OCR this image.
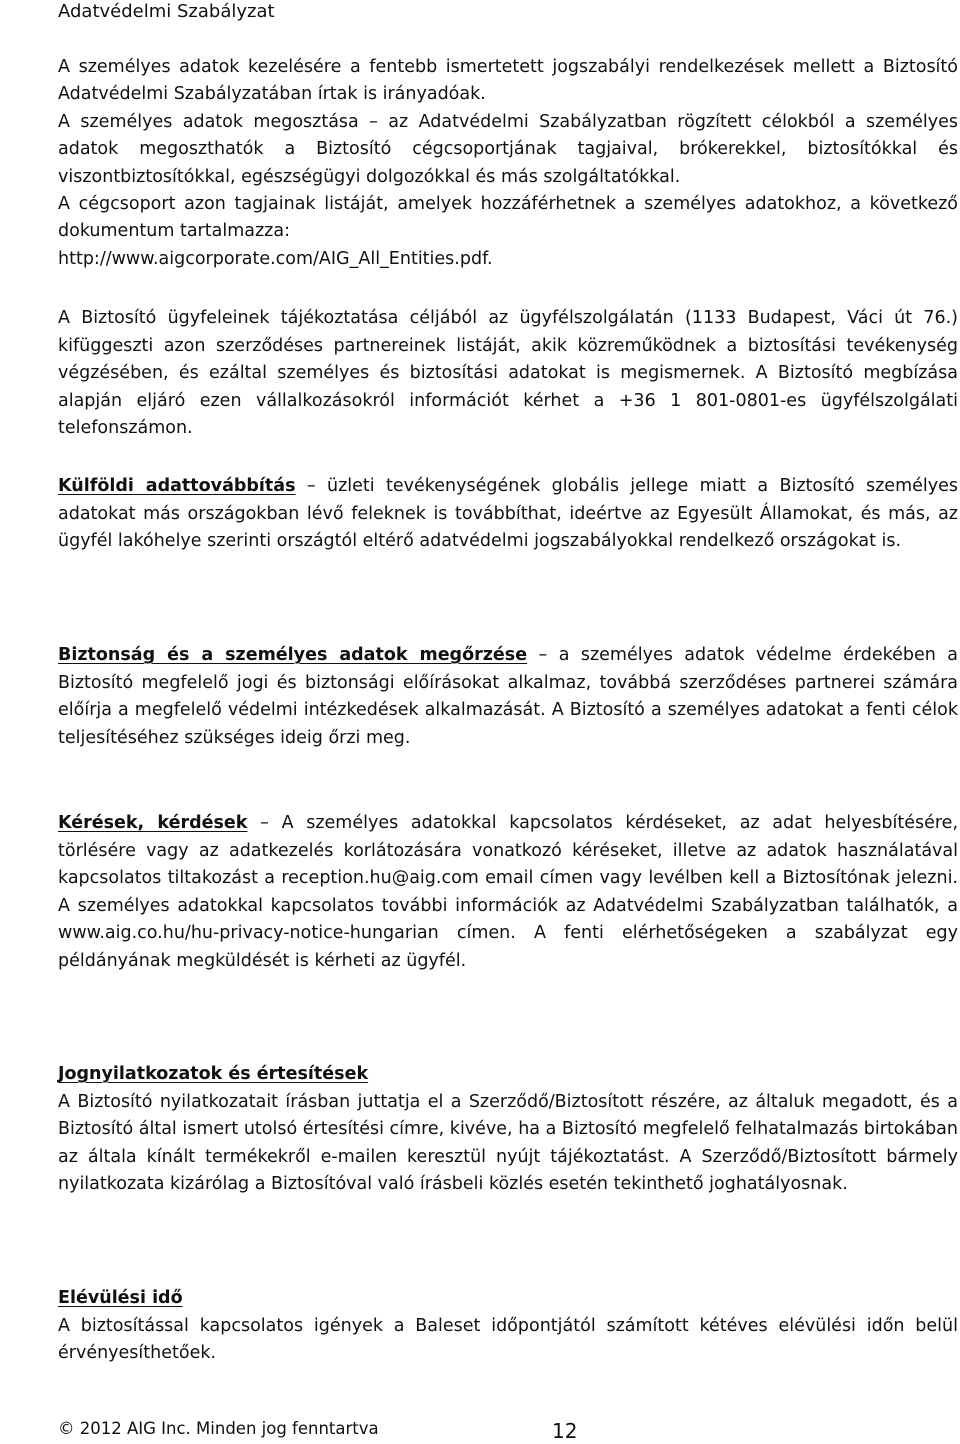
Adatvédelmi Szabályzat

A személyes adatok kezelésére a fentebb ismertetett jogszabályi rendelkezések mellett a Biztosító Adatvédelmi Szabályzatában írtak is irányadóak.

A személyes adatok megosztása – az Adatvédelmi Szabályzatban rögzített célokból a személyes adatok megoszthatók a Biztosító cégcsoportjának tagjaival, brókerekkel, biztosítókkal és viszontbiztosítókkal, egészségügyi dolgozókkal és más szolgáltatókkal.

A cégcsoport azon tagjainak listáját, amelyek hozzáférhetnek a személyes adatokhoz, a következő dokumentum tartalmazza:

http://www.aigcorporate.com/AIG_All_Entities.pdf.

A Biztosító ügyfeleinek tájékoztatása céljából az ügyfélszolgálatán (1133 Budapest, Váci út 76.) kifüggeszti azon szerződéses partnereinek listáját, akik közreműködnek a biztosítási tevékenység végzésében, és ezáltal személyes és biztosítási adatokat is megismernek. A Biztosító megbízása alapján eljáró ezen vállalkozásokról információt kérhet a +36 1 801-0801-es ügyfélszolgálati telefonszámon.

Külföldi adattovábbítás – üzleti tevékenységének globális jellege miatt a Biztosító személyes adatokat más országokban lévő feleknek is továbbíthat, ideértve az Egyesült Államokat, és más, az ügyfél lakóhelye szerinti országtól eltérő adatvédelmi jogszabályokkal rendelkező országokat is.

Biztonság és a személyes adatok megőrzése – a személyes adatok védelme érdekében a Biztosító megfelelő jogi és biztonsági előírásokat alkalmaz, továbbá szerződéses partnerei számára előírja a megfelelő védelmi intézkedések alkalmazását. A Biztosító a személyes adatokat a fenti célok teljesítéséhez szükséges ideig őrzi meg.

Kérések, kérdések – A személyes adatokkal kapcsolatos kérdéseket, az adat helyesbítésére, törlésére vagy az adatkezelés korlátozására vonatkozó kéréseket, illetve az adatok használatával kapcsolatos tiltakozást a reception.hu@aig.com email címen vagy levélben kell a Biztosítónak jelezni. A személyes adatokkal kapcsolatos további információk az Adatvédelmi Szabályzatban találhatók, a www.aig.co.hu/hu-privacy-notice-hungarian címen. A fenti elérhetőségeken a szabályzat egy példányának megküldését is kérheti az ügyfél.

Jognyilatkozatok és értesítések

A Biztosító nyilatkozatait írásban juttatja el a Szerződő/Biztosított részére, az általuk megadott, és a Biztosító által ismert utolsó értesítési címre, kivéve, ha a Biztosító megfelelő felhatalmazás birtokában az általa kínált termékekről e-mailen keresztül nyújt tájékoztatást. A Szerződő/Biztosított bármely nyilatkozata kizárólag a Biztosítóval való írásbeli közlés esetén tekinthető joghatályosnak.

Elévülési idő

A biztosítással kapcsolatos igények a Baleset időpontjától számított kétéves elévülési időn belül érvényesíthetőek.

© 2012 AIG Inc. Minden jog fenntartva	12
